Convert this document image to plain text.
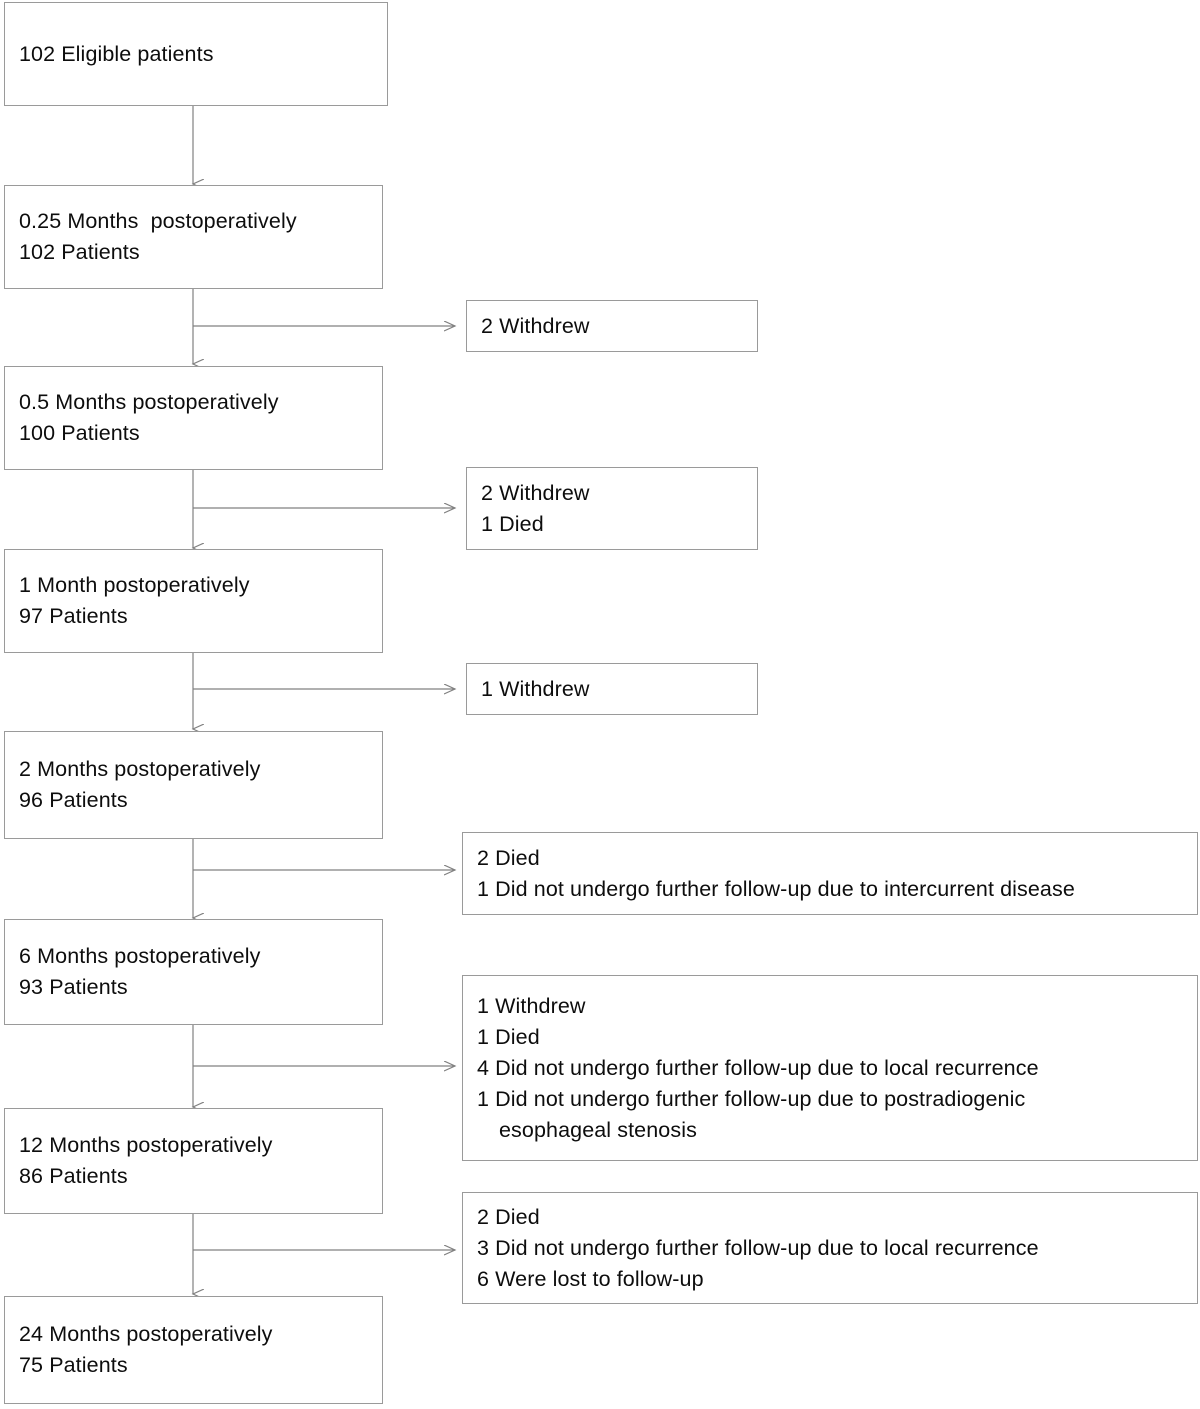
102 Eligible patients
0.25 Months  postoperatively
102 Patients
0.5 Months postoperatively
100 Patients
1 Month postoperatively
97 Patients
2 Months postoperatively
96 Patients
6 Months postoperatively
93 Patients
12 Months postoperatively
86 Patients
24 Months postoperatively
75 Patients
2 Withdrew
2 Withdrew
1 Died
1 Withdrew
2 Died
1 Did not undergo further follow-up due to intercurrent disease
1 Withdrew
1 Died
4 Did not undergo further follow-up due to local recurrence
1 Did not undergo further follow-up due to postradiogenic
esophageal stenosis
2 Died
3 Did not undergo further follow-up due to local recurrence
6 Were lost to follow-up
